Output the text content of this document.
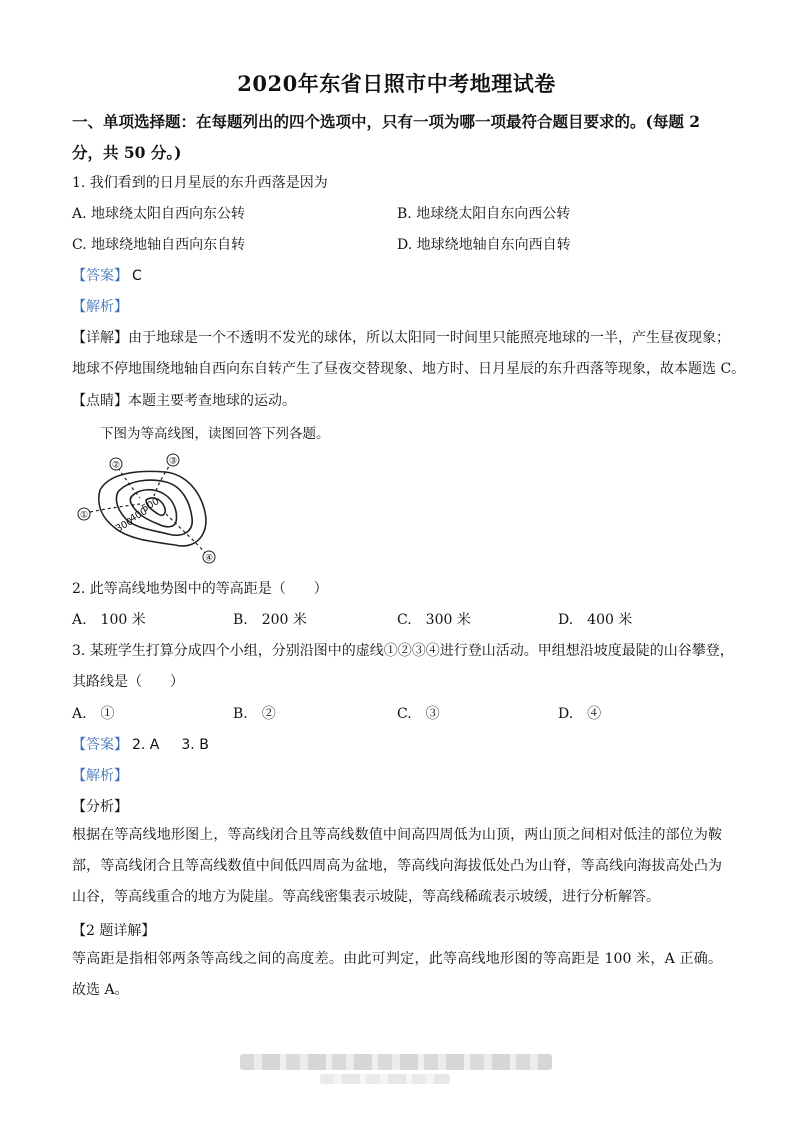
2020年东省日照市中考地理试卷
一、单项选择题：在每题列出的四个选项中，只有一项为哪一项最符合题目要求的。(每题 2
分，共 50 分。)
1. 我们看到的日月星辰的东升西落是因为
A. 地球绕太阳自西向东公转	B. 地球绕太阳自东向西公转
C. 地球绕地轴自西向东自转	D. 地球绕地轴自东向西自转
【答案】 C
【解析】
【详解】由于地球是一个不透明不发光的球体，所以太阳同一时间里只能照亮地球的一半，产生昼夜现象；
地球不停地围绕地轴自西向东自转产生了昼夜交替现象、地方时、日月星辰的东升西落等现象，故本题选 C。
【点睛】本题主要考查地球的运动。
下图为等高线图，读图回答下列各题。
①
②	③
④
300
400
500
2. 此等高线地势图中的等高距是（　　）
A.　100 米	B.　200 米	C.　300 米	D.　400 米
3. 某班学生打算分成四个小组，分别沿图中的虚线①②③④进行登山活动。甲组想沿坡度最陡的山谷攀登，
其路线是（　　）
A.　①	B.　②	C.　③	D.　④
【答案】 2. A 3. B
【解析】
【分析】
根据在等高线地形图上，等高线闭合且等高线数值中间高四周低为山顶，两山顶之间相对低洼的部位为鞍部，等高线闭合且等高线数值中间低四周高为盆地，等高线向海拔低处凸为山脊，等高线向海拔高处凸为山谷，等高线重合的地方为陡崖。等高线密集表示坡陡，等高线稀疏表示坡缓，进行分析解答。
【2 题详解】
等高距是指相邻两条等高线之间的高度差。由此可判定，此等高线地形图的等高距是 100 米，A 正确。故选 A。
